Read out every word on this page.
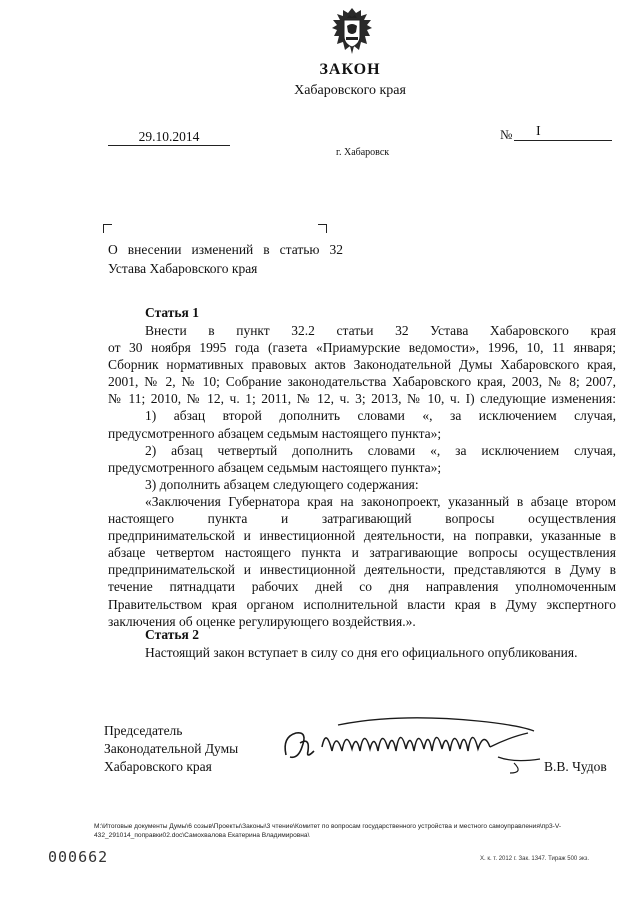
ЗАКОН
Хабаровского края
29.10.2014	№	I
г. Хабаровск
О внесении изменений в статью 32
Устава Хабаровского края
Статья 1
Внести в пункт 32.2 статьи 32 Устава Хабаровского края
от 30 ноября 1995 года (газета «Приамурские ведомости», 1996, 10, 11 января;
Сборник нормативных правовых актов Законодательной Думы Хабаровского края,
2001, № 2, № 10; Собрание законодательства Хабаровского края, 2003, № 8; 2007,
№ 11; 2010, № 12, ч. 1; 2011, № 12, ч. 3; 2013, № 10, ч. I) следующие изменения:
1) абзац второй дополнить словами «, за исключением случая,
предусмотренного абзацем седьмым настоящего пункта»;
2) абзац четвертый дополнить словами «, за исключением случая,
предусмотренного абзацем седьмым настоящего пункта»;
3) дополнить абзацем следующего содержания:
«Заключения Губернатора края на законопроект, указанный в абзаце втором
настоящего пункта и затрагивающий вопросы осуществления
предпринимательской и инвестиционной деятельности, на поправки, указанные в
абзаце четвертом настоящего пункта и затрагивающие вопросы осуществления
предпринимательской и инвестиционной деятельности, представляются в Думу в
течение пятнадцати рабочих дней со дня направления уполномоченным
Правительством края органом исполнительной власти края в Думу экспертного
заключения об оценке регулирующего воздействия.».
Статья 2
Настоящий закон вступает в силу со дня его официального опубликования.
Председатель
Законодательной Думы
Хабаровского края	В.В. Чудов
M:\Итоговые документы Думы\6 созыв\Проекты\Законы\3 чтение\Комитет по вопросам государственного устройства и местного самоуправления\пр3-V-
432_291014_поправки02.doc\Самохвалова Екатерина Владимировна\
000662	Х. к. т. 2012 г. Зак. 1347. Тираж 500 экз.
